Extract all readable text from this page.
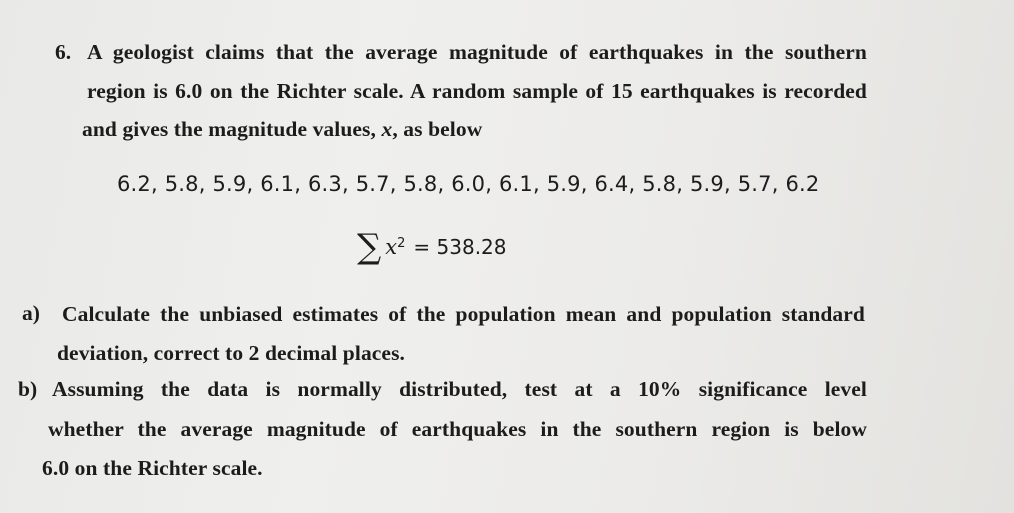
6. A geologist claims that the average magnitude of earthquakes in the southern
region is 6.0 on the Richter scale. A random sample of 15 earthquakes is recorded
and gives the magnitude values, x, as below
6.2, 5.8, 5.9, 6.1, 6.3, 5.7, 5.8, 6.0, 6.1, 5.9, 6.4, 5.8, 5.9, 5.7, 6.2
∑ x 2 = 538.28
a) Calculate the unbiased estimates of the population mean and population standard
deviation, correct to 2 decimal places.
b) Assuming the data is normally distributed, test at a 10% significance level
whether the average magnitude of earthquakes in the southern region is below
6.0 on the Richter scale.
